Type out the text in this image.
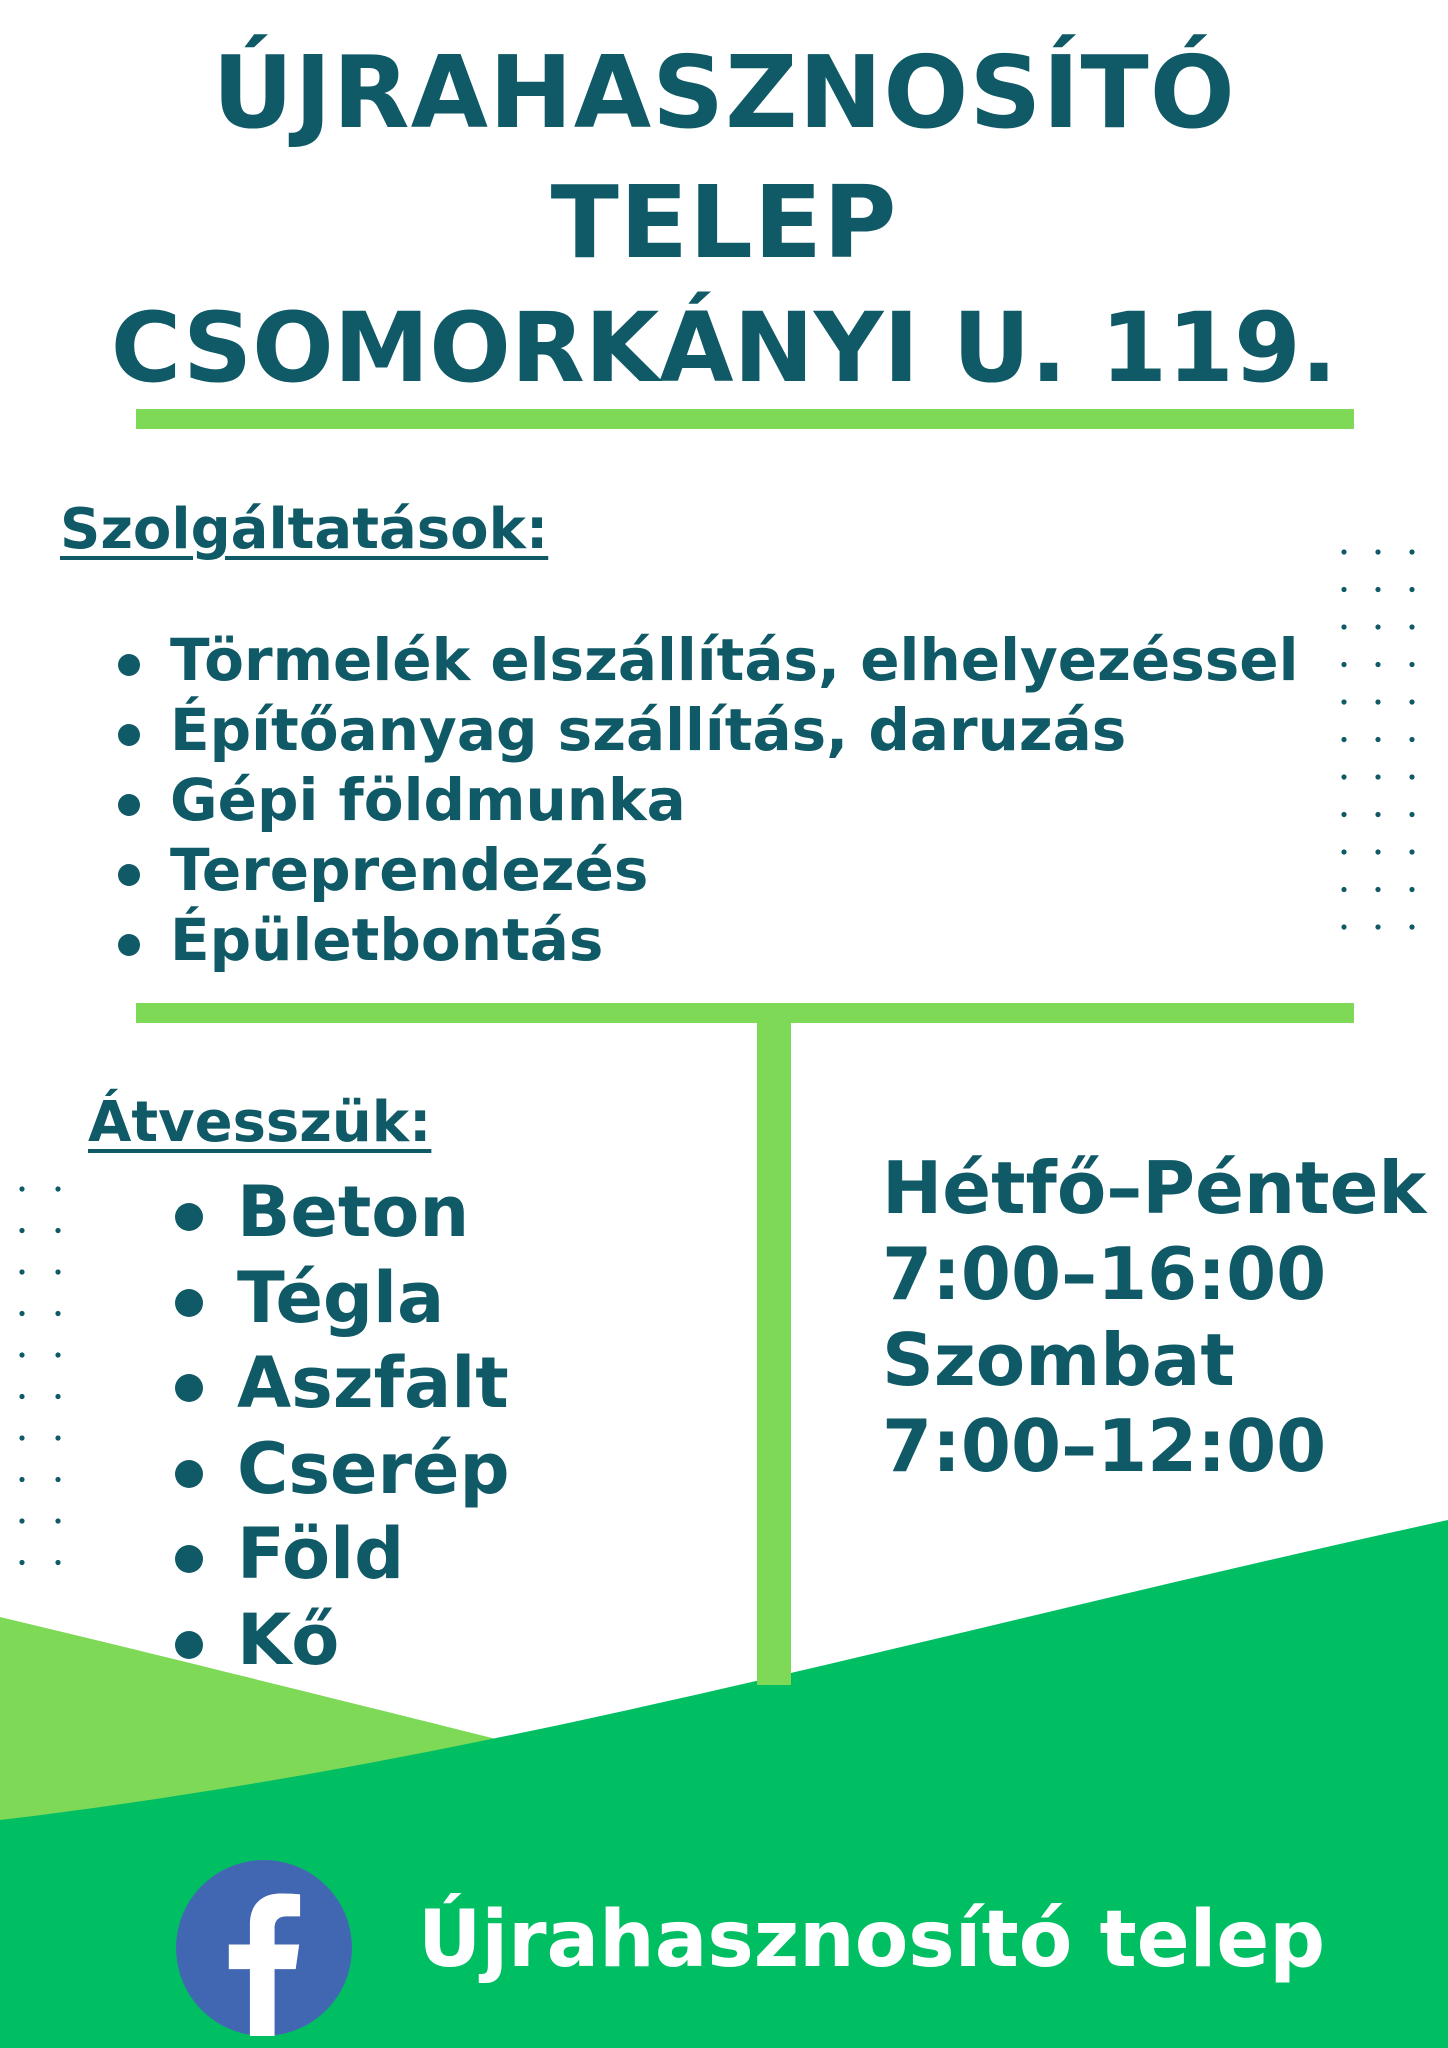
ÚJRAHASZNOSÍTÓ
TELEP
CSOMORKÁNYI U. 119.
Szolgáltatások:
Törmelék elszállítás, elhelyezéssel
Építőanyag szállítás, daruzás
Gépi földmunka
Tereprendezés
Épületbontás
Átvesszük:
Beton
Tégla
Aszfalt
Cserép
Föld
Kő
Hétfő–Péntek
7:00–16:00
Szombat
7:00–12:00
Újrahasznosító telep
